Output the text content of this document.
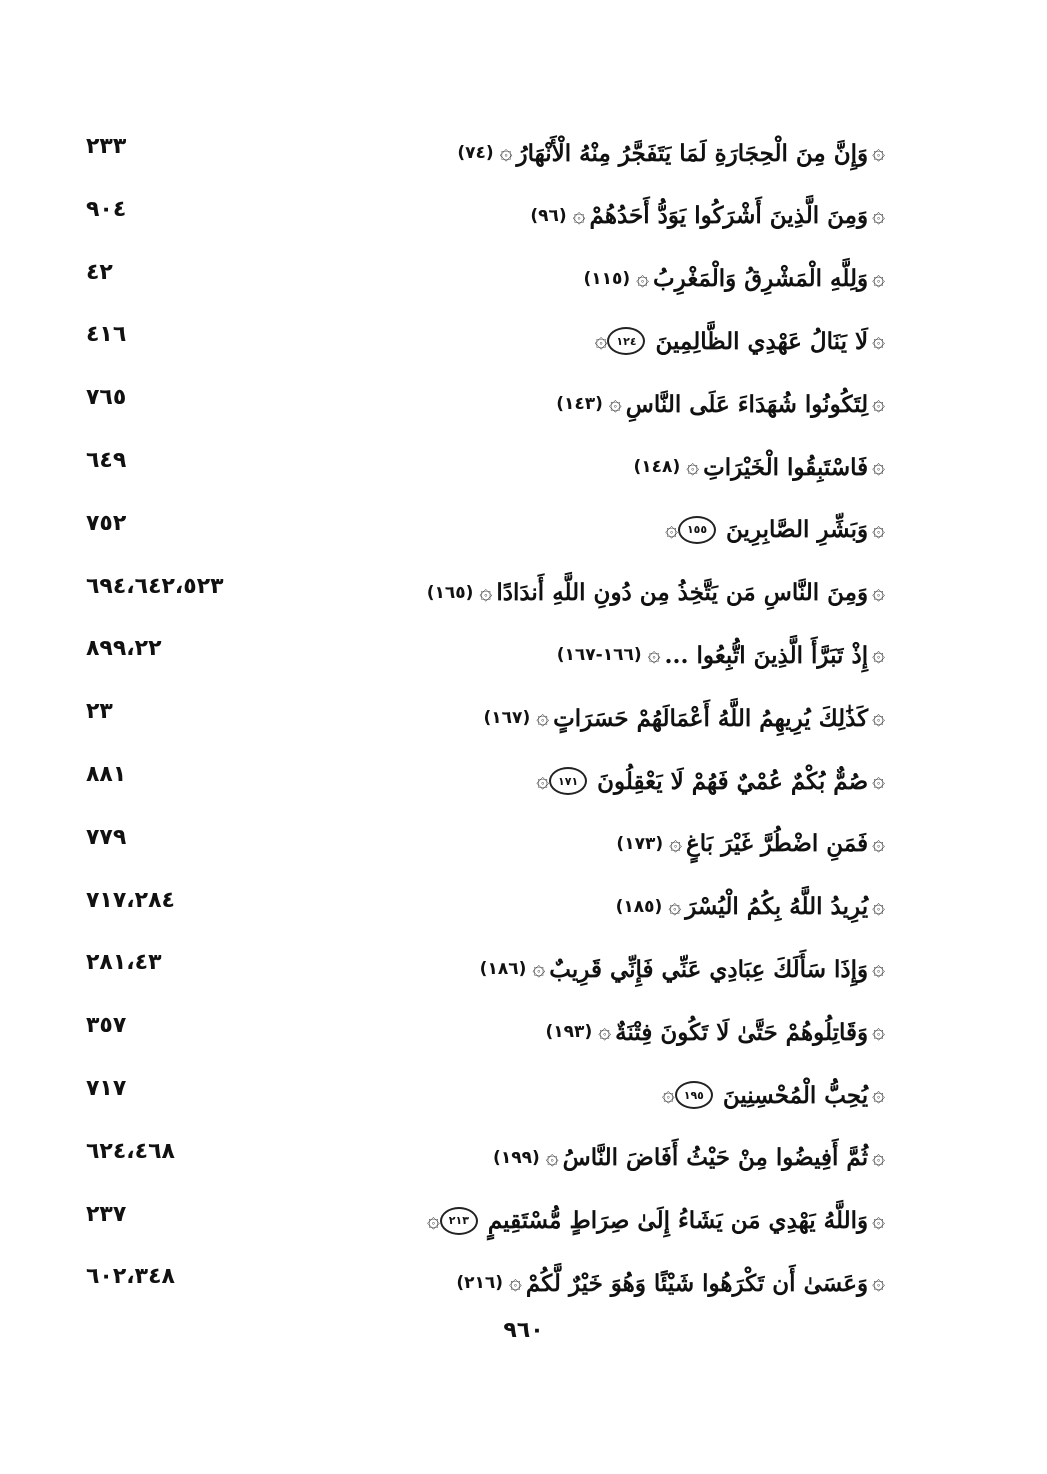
۞
وَإِنَّ مِنَ الْحِجَارَةِ لَمَا يَتَفَجَّرُ مِنْهُ الْأَنْهَارُ
۞
(٧٤)
٢٣٣
۞
وَمِنَ الَّذِينَ أَشْرَكُوا يَوَدُّ أَحَدُهُمْ
۞
(٩٦)
٩٠٤
۞
وَلِلَّهِ الْمَشْرِقُ وَالْمَغْرِبُ
۞
(١١٥)
٤٢
۞
لَا يَنَالُ عَهْدِي الظَّالِمِينَ
١٢٤
۞
٤١٦
۞
لِتَكُونُوا شُهَدَاءَ عَلَى النَّاسِ
۞
(١٤٣)
٧٦٥
۞
فَاسْتَبِقُوا الْخَيْرَاتِ
۞
(١٤٨)
٦٤٩
۞
وَبَشِّرِ الصَّابِرِينَ
١٥٥
۞
٧٥٢
۞
وَمِنَ النَّاسِ مَن يَتَّخِذُ مِن دُونِ اللَّهِ أَندَادًا
۞
(١٦٥)
٦٩٤،٦٤٢،٥٢٣
۞
إِذْ تَبَرَّأَ الَّذِينَ اتُّبِعُوا ...
۞
(١٦٦-١٦٧)
٨٩٩،٢٢
۞
كَذَٰلِكَ يُرِيهِمُ اللَّهُ أَعْمَالَهُمْ حَسَرَاتٍ
۞
(١٦٧)
٢٣
۞
صُمٌّ بُكْمٌ عُمْيٌ فَهُمْ لَا يَعْقِلُونَ
١٧١
۞
٨٨١
۞
فَمَنِ اضْطُرَّ غَيْرَ بَاغٍ
۞
(١٧٣)
٧٧٩
۞
يُرِيدُ اللَّهُ بِكُمُ الْيُسْرَ
۞
(١٨٥)
٧١٧،٢٨٤
۞
وَإِذَا سَأَلَكَ عِبَادِي عَنِّي فَإِنِّي قَرِيبٌ
۞
(١٨٦)
٢٨١،٤٣
۞
وَقَاتِلُوهُمْ حَتَّىٰ لَا تَكُونَ فِتْنَةٌ
۞
(١٩٣)
٣٥٧
۞
يُحِبُّ الْمُحْسِنِينَ
١٩٥
۞
٧١٧
۞
ثُمَّ أَفِيضُوا مِنْ حَيْثُ أَفَاضَ النَّاسُ
۞
(١٩٩)
٦٢٤،٤٦٨
۞
وَاللَّهُ يَهْدِي مَن يَشَاءُ إِلَىٰ صِرَاطٍ مُّسْتَقِيمٍ
٢١٣
۞
٢٣٧
۞
وَعَسَىٰ أَن تَكْرَهُوا شَيْئًا وَهُوَ خَيْرٌ لَّكُمْ
۞
(٢١٦)
٦٠٢،٣٤٨
٩٦٠
